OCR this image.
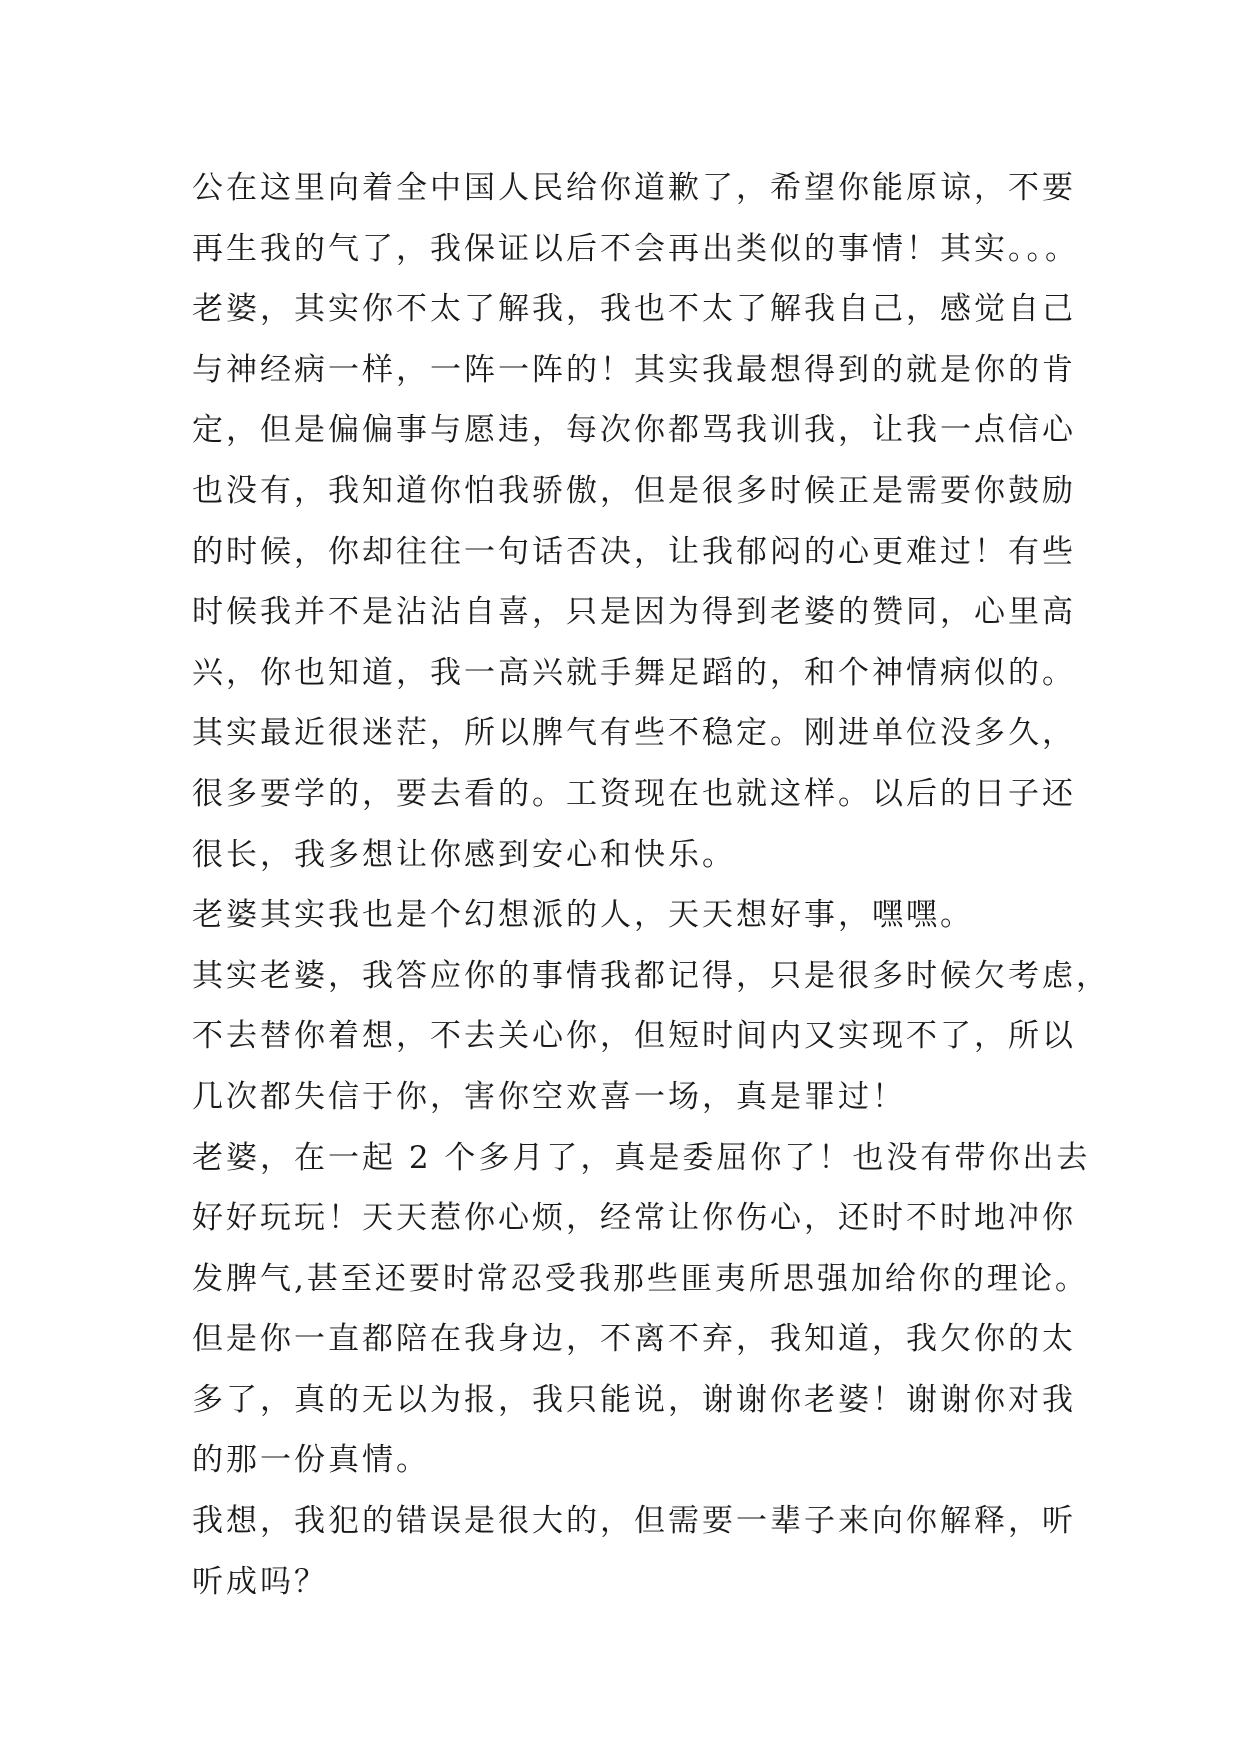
公在这里向着全中国人民给你道歉了，希望你能原谅，不要
再生我的气了，我保证以后不会再出类似的事情！其实。。。
老婆，其实你不太了解我，我也不太了解我自己，感觉自己
与神经病一样，一阵一阵的！其实我最想得到的就是你的肯
定，但是偏偏事与愿违，每次你都骂我训我，让我一点信心
也没有，我知道你怕我骄傲，但是很多时候正是需要你鼓励
的时候，你却往往一句话否决，让我郁闷的心更难过！有些
时候我并不是沾沾自喜，只是因为得到老婆的赞同，心里高
兴，你也知道，我一高兴就手舞足蹈的，和个神情病似的。
其实最近很迷茫，所以脾气有些不稳定。刚进单位没多久，
很多要学的，要去看的。工资现在也就这样。以后的日子还
很长，我多想让你感到安心和快乐。
老婆其实我也是个幻想派的人，天天想好事，嘿嘿。
其实老婆，我答应你的事情我都记得，只是很多时候欠考虑，
不去替你着想，不去关心你，但短时间内又实现不了，所以
几次都失信于你，害你空欢喜一场，真是罪过！
老婆，在一起 2 个多月了，真是委屈你了！也没有带你出去
好好玩玩！天天惹你心烦，经常让你伤心，还时不时地冲你
发脾气,甚至还要时常忍受我那些匪夷所思强加给你的理论。
但是你一直都陪在我身边，不离不弃，我知道，我欠你的太
多了，真的无以为报，我只能说，谢谢你老婆！谢谢你对我
的那一份真情。
我想，我犯的错误是很大的，但需要一辈子来向你解释，听
听成吗？
